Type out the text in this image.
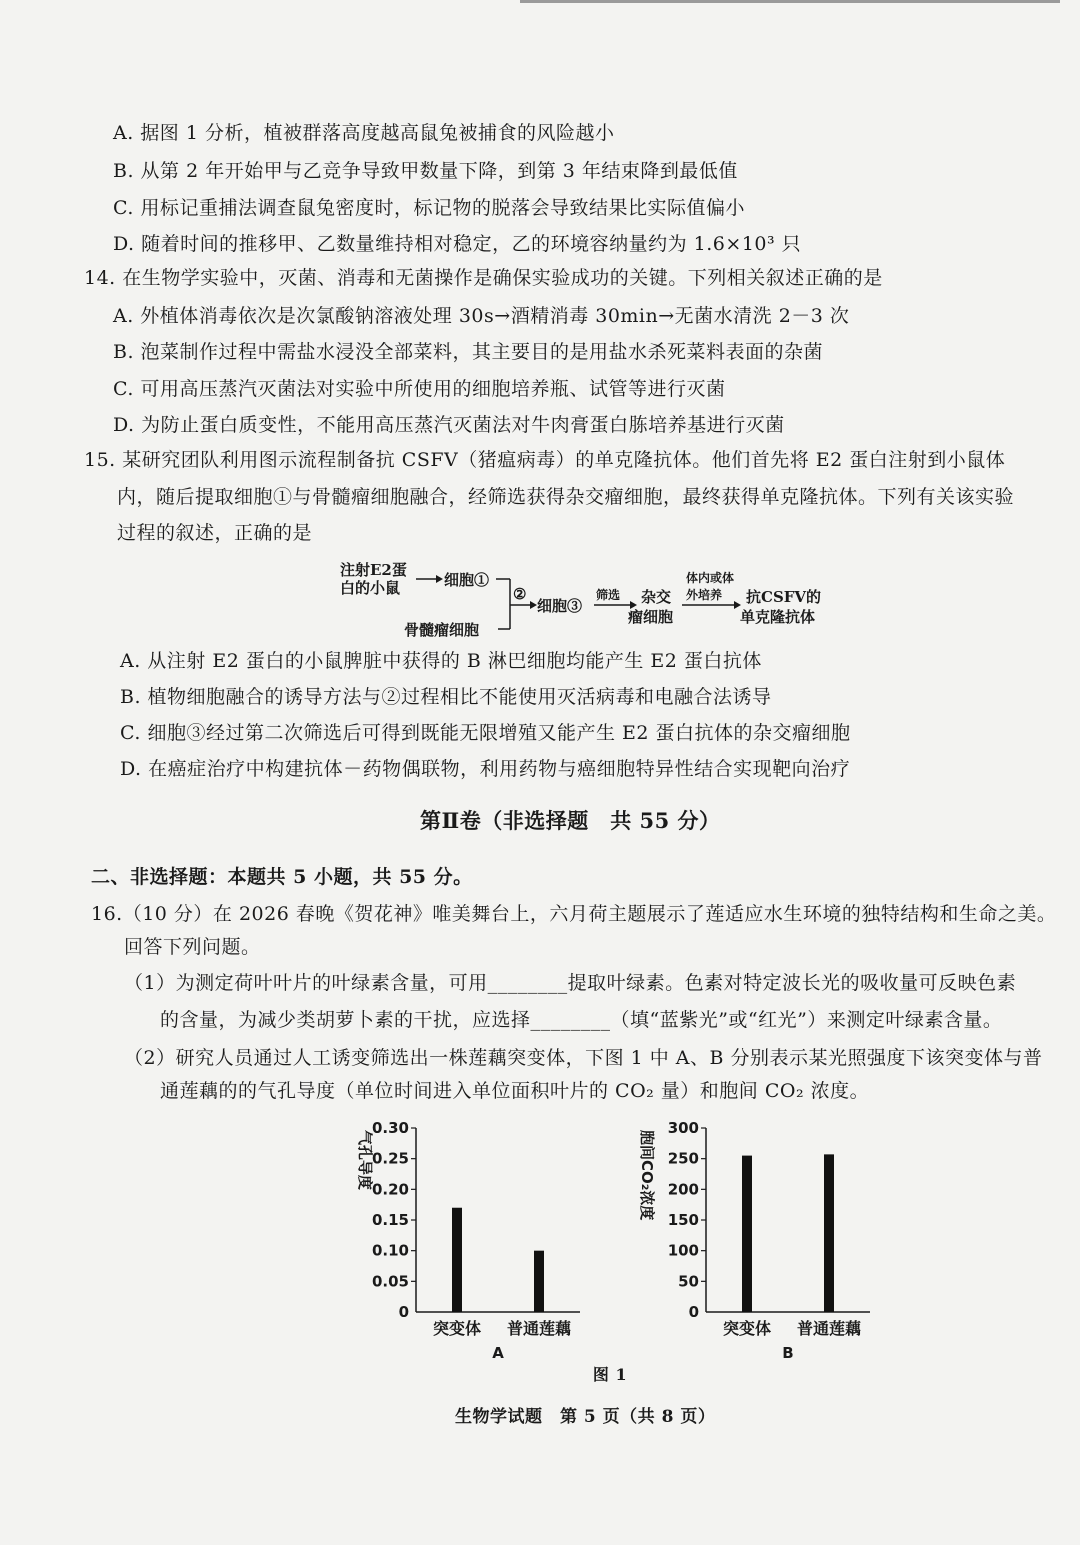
A. 据图 1 分析，植被群落高度越高鼠兔被捕食的风险越小
B. 从第 2 年开始甲与乙竞争导致甲数量下降，到第 3 年结束降到最低值
C. 用标记重捕法调查鼠兔密度时，标记物的脱落会导致结果比实际值偏小
D. 随着时间的推移甲、乙数量维持相对稳定，乙的环境容纳量约为 1.6×10³ 只
14. 在生物学实验中，灭菌、消毒和无菌操作是确保实验成功的关键。下列相关叙述正确的是
A. 外植体消毒依次是次氯酸钠溶液处理 30s→酒精消毒 30min→无菌水清洗 2－3 次
B. 泡菜制作过程中需盐水浸没全部菜料，其主要目的是用盐水杀死菜料表面的杂菌
C. 可用高压蒸汽灭菌法对实验中所使用的细胞培养瓶、试管等进行灭菌
D. 为防止蛋白质变性，不能用高压蒸汽灭菌法对牛肉膏蛋白胨培养基进行灭菌
15. 某研究团队利用图示流程制备抗 CSFV（猪瘟病毒）的单克隆抗体。他们首先将 E2 蛋白注射到小鼠体
内，随后提取细胞①与骨髓瘤细胞融合，经筛选获得杂交瘤细胞，最终获得单克隆抗体。下列有关该实验
过程的叙述，正确的是
注射E2蛋
白的小鼠	细胞①
骨髓瘤细胞
②
细胞③
筛选 杂交
瘤细胞
体内或体
外培养 抗CSFV的
单克隆抗体
A. 从注射 E2 蛋白的小鼠脾脏中获得的 B 淋巴细胞均能产生 E2 蛋白抗体
B. 植物细胞融合的诱导方法与②过程相比不能使用灭活病毒和电融合法诱导
C. 细胞③经过第二次筛选后可得到既能无限增殖又能产生 E2 蛋白抗体的杂交瘤细胞
D. 在癌症治疗中构建抗体－药物偶联物，利用药物与癌细胞特异性结合实现靶向治疗
第Ⅱ卷（非选择题　共 55 分）
二、非选择题：本题共 5 小题，共 55 分。
16.（10 分）在 2026 春晚《贺花神》唯美舞台上，六月荷主题展示了莲适应水生环境的独特结构和生命之美。
回答下列问题。
（1）为测定荷叶叶片的叶绿素含量，可用________提取叶绿素。色素对特定波长光的吸收量可反映色素
的含量，为减少类胡萝卜素的干扰，应选择________（填“蓝紫光”或“红光”）来测定叶绿素含量。
（2）研究人员通过人工诱变筛选出一株莲藕突变体，下图 1 中 A、B 分别表示某光照强度下该突变体与普
通莲藕的的气孔导度（单位时间进入单位面积叶片的 CO₂ 量）和胞间 CO₂ 浓度。
0.30
0.25
0.20
0.15
0.10
0.05
0
气孔导度
突变体 普通莲藕
A
300
250
200
150
100
50
0
胞间CO₂浓度
突变体 普通莲藕
B
图 1
生物学试题　第 5 页（共 8 页）
